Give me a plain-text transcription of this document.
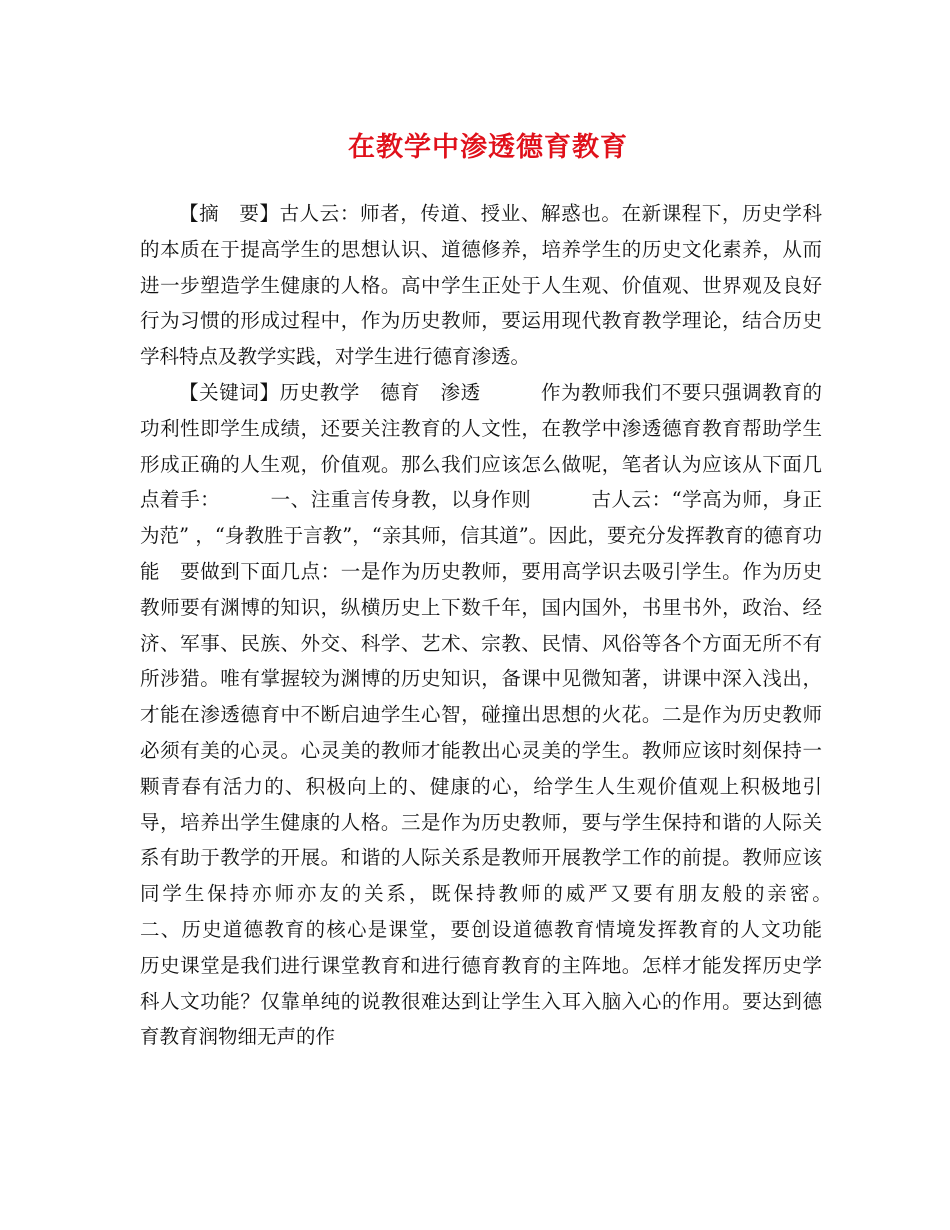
在教学中渗透德育教育

【摘　要】古人云：师者，传道、授业、解惑也。在新课程下，历史学科的本质在于提高学生的思想认识、道德修养，培养学生的历史文化素养，从而进一步塑造学生健康的人格。高中学生正处于人生观、价值观、世界观及良好行为习惯的形成过程中，作为历史教师，要运用现代教育教学理论，结合历史学科特点及教学实践，对学生进行德育渗透。

【关键词】历史教学　德育　渗透　　　作为教师我们不要只强调教育的功利性即学生成绩，还要关注教育的人文性，在教学中渗透德育教育帮助学生形成正确的人生观，价值观。那么我们应该怎么做呢，笔者认为应该从下面几点着手：　　　一、注重言传身教，以身作则　　　古人云：“学高为师，身正为范” ，“身教胜于言教”，“亲其师，信其道”。因此，要充分发挥教育的德育功能　要做到下面几点：一是作为历史教师，要用高学识去吸引学生。作为历史教师要有渊博的知识，纵横历史上下数千年，国内国外，书里书外，政治、经济、军事、民族、外交、科学、艺术、宗教、民情、风俗等各个方面无所不有所涉猎。唯有掌握较为渊博的历史知识，备课中见微知著，讲课中深入浅出，才能在渗透德育中不断启迪学生心智，碰撞出思想的火花。二是作为历史教师必须有美的心灵。心灵美的教师才能教出心灵美的学生。教师应该时刻保持一颗青春有活力的、积极向上的、健康的心，给学生人生观价值观上积极地引导，培养出学生健康的人格。三是作为历史教师，要与学生保持和谐的人际关系有助于教学的开展。和谐的人际关系是教师开展教学工作的前提。教师应该同学生保持亦师亦友的关系，既保持教师的威严又要有朋友般的亲密。　　　二、历史道德教育的核心是课堂，要创设道德教育情境发挥教育的人文功能　　　历史课堂是我们进行课堂教育和进行德育教育的主阵地。怎样才能发挥历史学科人文功能？仅靠单纯的说教很难达到让学生入耳入脑入心的作用。要达到德育教育润物细无声的作
